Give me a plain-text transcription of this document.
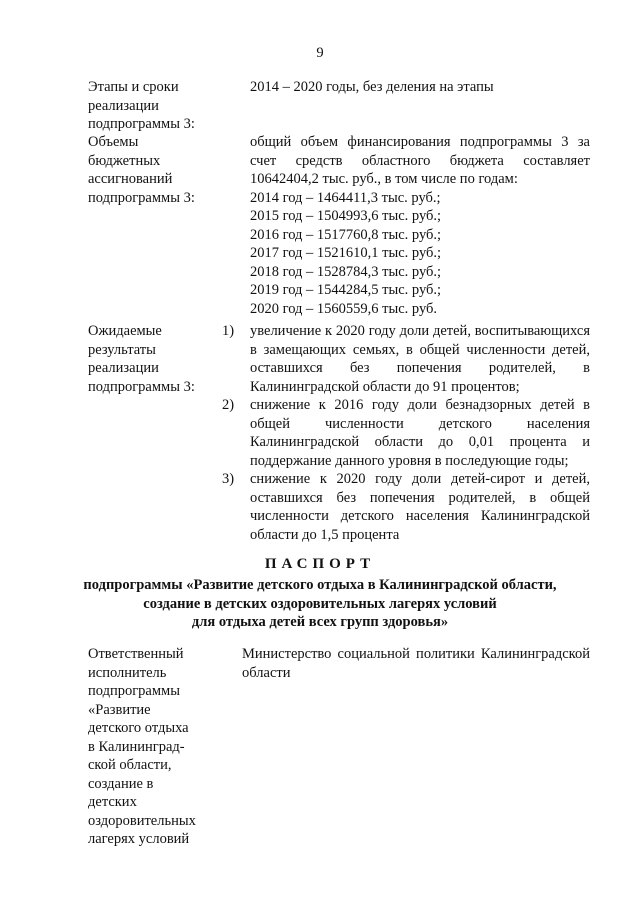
9
Этапы и сроки
реализации
подпрограммы 3:
2014 – 2020 годы, без деления на этапы
Объемы
бюджетных
ассигнований
подпрограммы 3:

общий объем финансирования подпрограммы 3 за счет средств областного бюджета составляет 10642404,2 тыс. руб., в том числе по годам:

2014 год – 1464411,3 тыс. руб.;
2015 год – 1504993,6 тыс. руб.;
2016 год – 1517760,8 тыс. руб.;
2017 год – 1521610,1 тыс. руб.;
2018 год – 1528784,3 тыс. руб.;
2019 год – 1544284,5 тыс. руб.;
2020 год – 1560559,6 тыс. руб.
Ожидаемые
результаты
реализации
подпрограммы 3:
1) увеличение к 2020 году доли детей, воспитывающихся в замещающих семьях, в общей численности детей, оставшихся без попечения родителей, в Калининградской области до 91 процентов;
2) снижение к 2016 году доли безнадзорных детей в общей численности детского населения Калининградской области до 0,01 процента и поддержание данного уровня в последующие годы;
3) снижение к 2020 году доли детей-сирот и детей, оставшихся без попечения родителей, в общей численности детского населения Калининградской области до 1,5 процента
ПАСПОРТ
подпрограммы «Развитие детского отдыха в Калининградской области,
создание в детских оздоровительных лагерях условий
для отдыха детей всех групп здоровья»
Ответственный
исполнитель
подпрограммы
«Развитие
детского отдыха
в Калининград-
ской области,
создание в
детских
оздоровительных
лагерях условий
Министерство социальной политики Калининградской области
